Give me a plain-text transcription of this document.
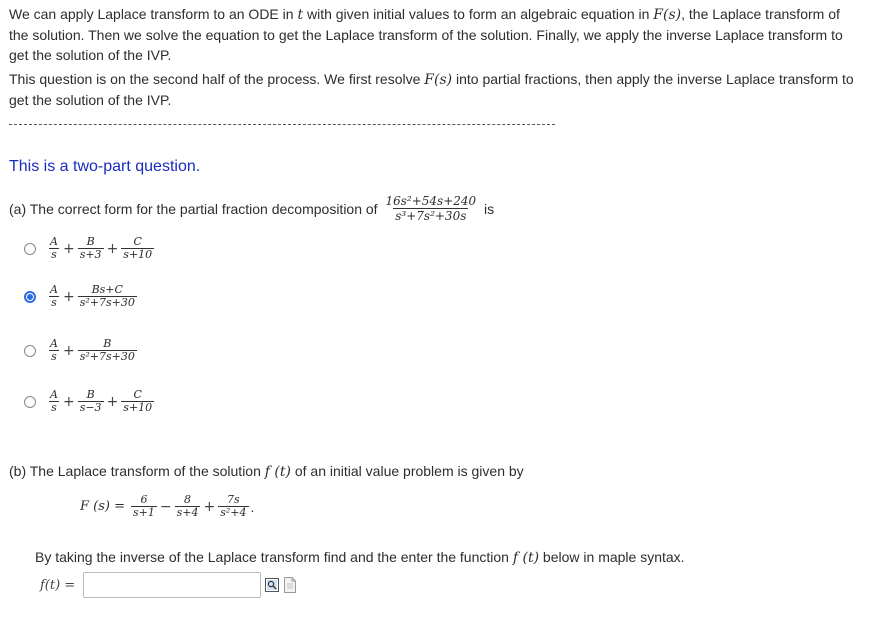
We can apply Laplace transform to an ODE in t with given initial values to form an algebraic equation in F(s), the Laplace transform of the solution. Then we solve the equation to get the Laplace transform of the solution. Finally, we apply the inverse Laplace transform to get the solution of the IVP.

This question is on the second half of the process. We first resolve F(s) into partial fractions, then apply the inverse Laplace transform to get the solution of the IVP.

This is a two-part question.
(a) The correct form for the partial fraction decomposition of $\frac{\text{16s²+54s+240}}{\text{s³+7s²+30s}}$ is
$\frac{A}{s} + \frac{B}{s+3} + \frac{C}{s+10}$
$\frac{A}{s} + \frac{Bs+C}{\text{s²+7s+30}}$
$\frac{A}{s} + \frac{B}{\text{s²+7s+30}}$
$\frac{A}{s} + \frac{B}{s-3} + \frac{C}{s+10}$
(b) The Laplace transform of the solution f (t) of an initial value problem is given by
F $(s) = \frac{6}{s+1} - \frac{8}{s+4} + \frac{7s}{\text{s²+4}}$ .
By taking the inverse of the Laplace transform find and the enter the function f (t) below in maple syntax.
f(t) =
